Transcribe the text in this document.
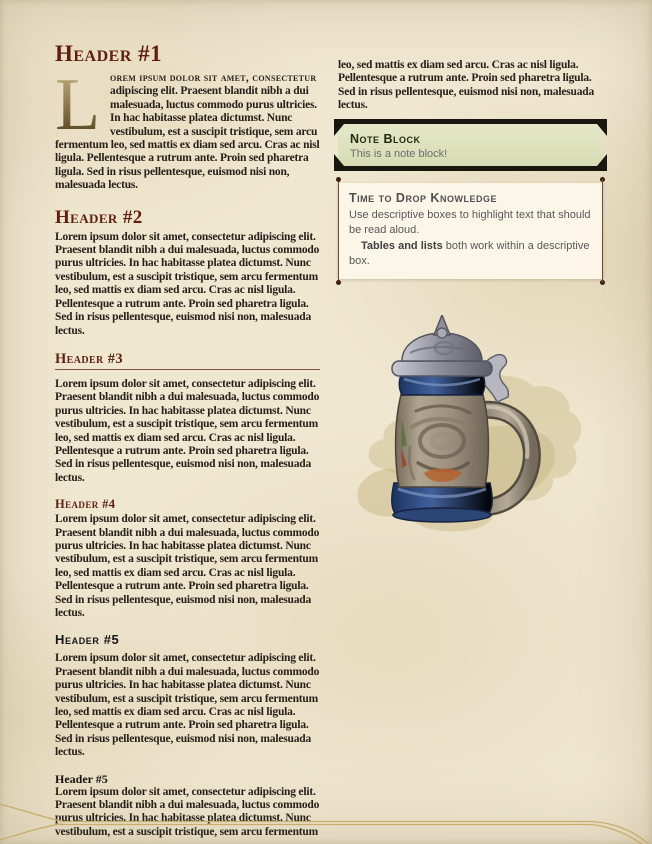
Header #1

L orem ipsum dolor sit amet, consectetur adipiscing elit. Praesent blandit nibh a dui malesuada, luctus commodo purus ultricies. In hac habitasse platea dictumst. Nunc vestibulum, est a suscipit tristique, sem arcu fermentum leo, sed mattis ex diam sed arcu. Cras ac nisl ligula. Pellentesque a rutrum ante. Proin sed pharetra ligula. Sed in risus pellentesque, euismod nisi non, malesuada lectus.

Header #2

Lorem ipsum dolor sit amet, consectetur adipiscing elit. Praesent blandit nibh a dui malesuada, luctus commodo purus ultricies. In hac habitasse platea dictumst. Nunc vestibulum, est a suscipit tristique, sem arcu fermentum leo, sed mattis ex diam sed arcu. Cras ac nisl ligula. Pellentesque a rutrum ante. Proin sed pharetra ligula. Sed in risus pellentesque, euismod nisi non, malesuada lectus.

Header #3

Lorem ipsum dolor sit amet, consectetur adipiscing elit. Praesent blandit nibh a dui malesuada, luctus commodo purus ultricies. In hac habitasse platea dictumst. Nunc vestibulum, est a suscipit tristique, sem arcu fermentum leo, sed mattis ex diam sed arcu. Cras ac nisl ligula. Pellentesque a rutrum ante. Proin sed pharetra ligula. Sed in risus pellentesque, euismod nisi non, malesuada lectus.

Header #4

Lorem ipsum dolor sit amet, consectetur adipiscing elit. Praesent blandit nibh a dui malesuada, luctus commodo purus ultricies. In hac habitasse platea dictumst. Nunc vestibulum, est a suscipit tristique, sem arcu fermentum leo, sed mattis ex diam sed arcu. Cras ac nisl ligula. Pellentesque a rutrum ante. Proin sed pharetra ligula. Sed in risus pellentesque, euismod nisi non, malesuada lectus.

Header #5

Lorem ipsum dolor sit amet, consectetur adipiscing elit. Praesent blandit nibh a dui malesuada, luctus commodo purus ultricies. In hac habitasse platea dictumst. Nunc vestibulum, est a suscipit tristique, sem arcu fermentum leo, sed mattis ex diam sed arcu. Cras ac nisl ligula. Pellentesque a rutrum ante. Proin sed pharetra ligula. Sed in risus pellentesque, euismod nisi non, malesuada lectus.

Header #5

Lorem ipsum dolor sit amet, consectetur adipiscing elit. Praesent blandit nibh a dui malesuada, luctus commodo purus ultricies. In hac habitasse platea dictumst. Nunc vestibulum, est a suscipit tristique, sem arcu fermentum

leo, sed mattis ex diam sed arcu. Cras ac nisl ligula. Pellentesque a rutrum ante. Proin sed pharetra ligula. Sed in risus pellentesque, euismod nisi non, malesuada lectus.

Note Block
This is a note block!
Time to Drop Knowledge

Use descriptive boxes to highlight text that should be read aloud.

Tables and lists both work within a descriptive box.
